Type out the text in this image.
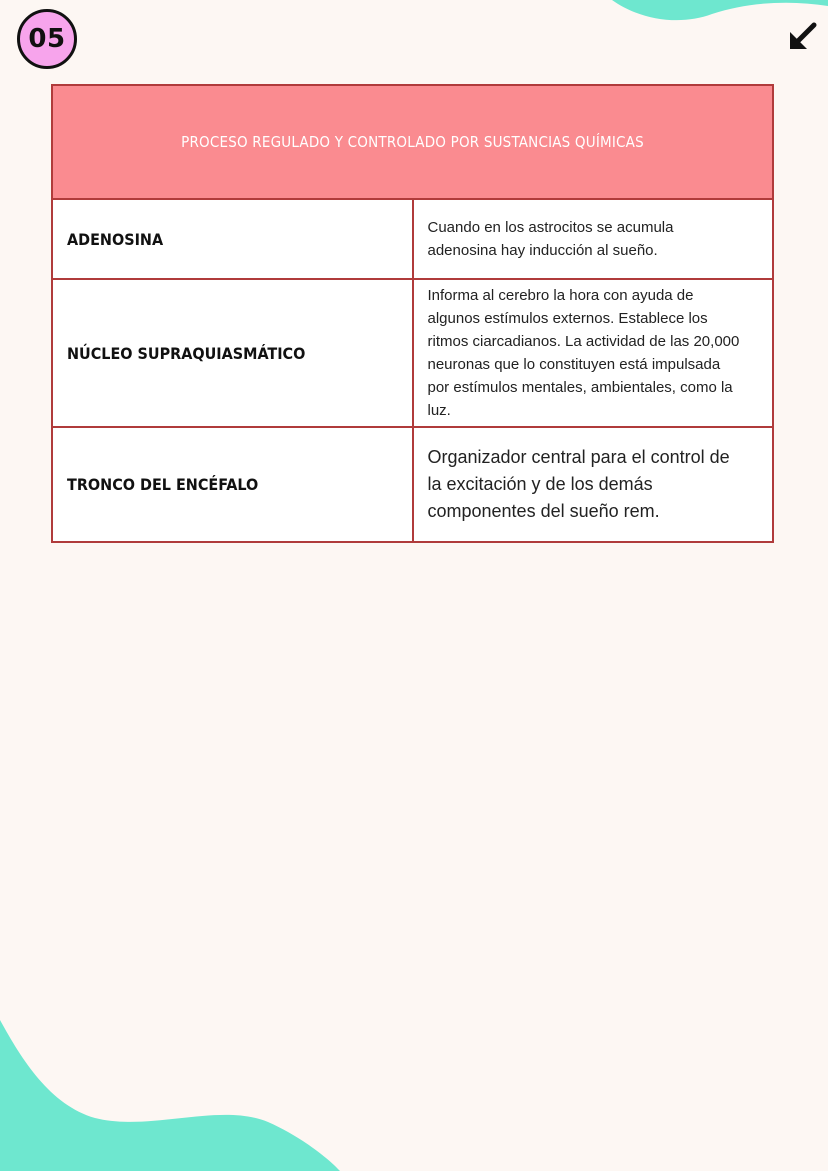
05
PROCESO REGULADO Y CONTROLADO POR SUSTANCIAS QUÍMICAS	
ADENOSINA	Cuando en los astrocitos se acumula adenosina hay inducción al sueño.
NÚCLEO SUPRAQUIASMÁTICO	Informa al cerebro la hora con ayuda de algunos estímulos externos. Establece los ritmos ciarcadianos. La actividad de las 20,000 neuronas que lo constituyen está impulsada por estímulos mentales, ambientales, como la luz.
TRONCO DEL ENCÉFALO	Organizador central para el control de la excitación y de los demás componentes del sueño rem.
